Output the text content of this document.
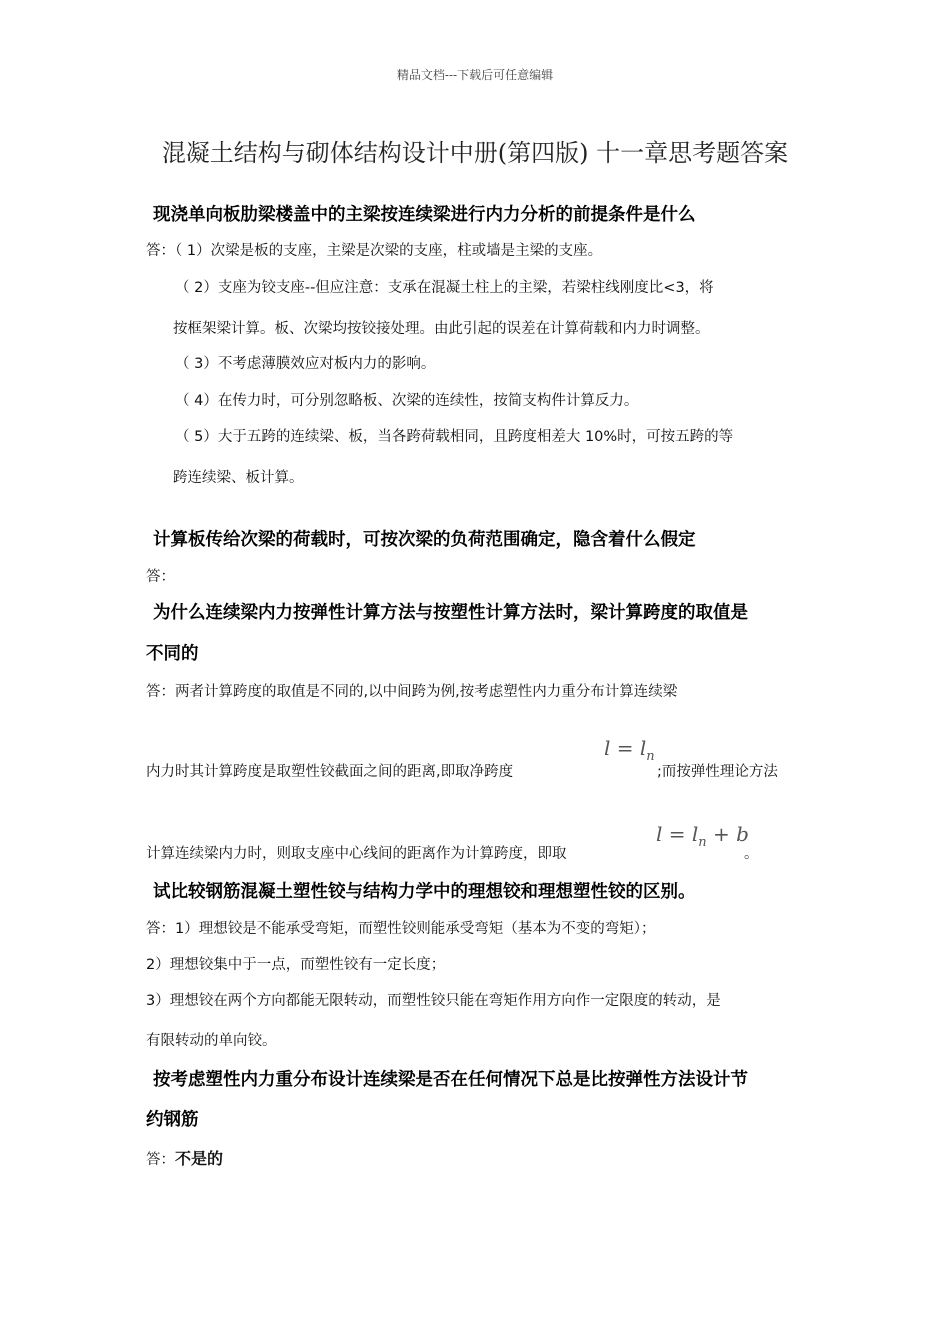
精品文档---下载后可任意编辑
混凝土结构与砌体结构设计中册(第四版) 十一章思考题答案
现浇单向板肋梁楼盖中的主梁按连续梁进行内力分析的前提条件是什么
答：（ 1）次梁是板的支座，主梁是次梁的支座，柱或墙是主梁的支座。
（ 2）支座为铰支座--但应注意：支承在混凝土柱上的主梁，若梁柱线刚度比<3，将
按框架梁计算。板、次梁均按铰接处理。由此引起的误差在计算荷载和内力时调整。
（ 3）不考虑薄膜效应对板内力的影响。
（ 4）在传力时，可分别忽略板、次梁的连续性，按简支构件计算反力。
（ 5）大于五跨的连续梁、板，当各跨荷载相同，且跨度相差大 10%时，可按五跨的等
跨连续梁、板计算。
计算板传给次梁的荷载时，可按次梁的负荷范围确定，隐含着什么假定
答：
为什么连续梁内力按弹性计算方法与按塑性计算方法时，梁计算跨度的取值是
不同的
答：两者计算跨度的取值是不同的,以中间跨为例,按考虑塑性内力重分布计算连续梁
内力时其计算跨度是取塑性铰截面之间的距离,即取净跨度
$l = l_n$
;而按弹性理论方法
计算连续梁内力时，则取支座中心线间的距离作为计算跨度，即取
$l = l_n + b$
。
试比较钢筋混凝土塑性铰与结构力学中的理想铰和理想塑性铰的区别。
答：1）理想铰是不能承受弯矩，而塑性铰则能承受弯矩（基本为不变的弯矩）；
2）理想铰集中于一点，而塑性铰有一定长度；
3）理想铰在两个方向都能无限转动，而塑性铰只能在弯矩作用方向作一定限度的转动，是
有限转动的单向铰。
按考虑塑性内力重分布设计连续梁是否在任何情况下总是比按弹性方法设计节
约钢筋
答：不是的
